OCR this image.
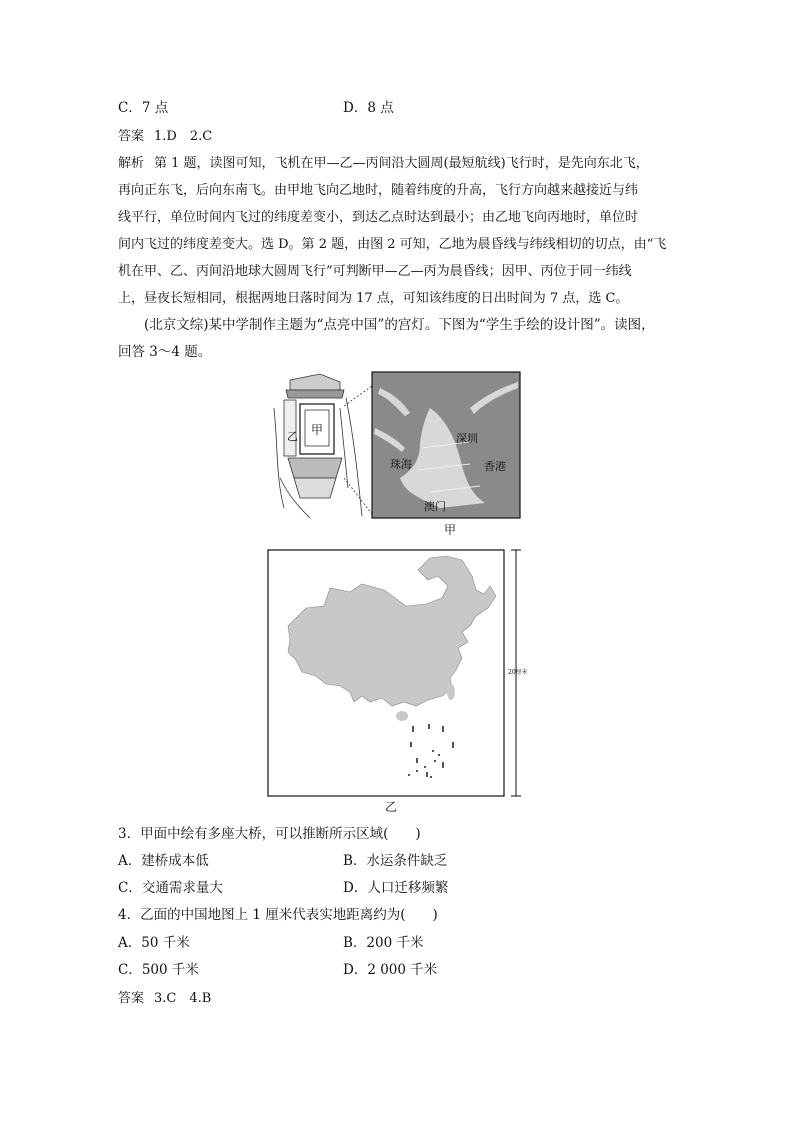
C．7 点	D．8 点
答案 1.D　2.C
解析 第 1 题，读图可知，飞机在甲—乙—丙间沿大圆周(最短航线)飞行时，是先向东北飞，
再向正东飞，后向东南飞。由甲地飞向乙地时，随着纬度的升高，飞行方向越来越接近与纬
线平行，单位时间内飞过的纬度差变小，到达乙点时达到最小；由乙地飞向丙地时，单位时
间内飞过的纬度差变大。选 D。第 2 题，由图 2 可知，乙地为晨昏线与纬线相切的切点，由“飞
机在甲、乙、丙间沿地球大圆周飞行”可判断甲—乙—丙为晨昏线；因甲、丙位于同一纬线
上，昼夜长短相同，根据两地日落时间为 17 点，可知该纬度的日出时间为 7 点，选 C。
(北京文综)某中学制作主题为“点亮中国”的宫灯。下图为“学生手绘的设计图”。读图，
回答 3～4 题。
乙 甲
深圳
珠海	香港
澳门
甲
20厘米
乙
3．甲面中绘有多座大桥，可以推断所示区域(　　)
A．建桥成本低	B．水运条件缺乏
C．交通需求量大	D．人口迁移频繁
4．乙面的中国地图上 1 厘米代表实地距离约为(　　)
A．50 千米	B．200 千米
C．500 千米	D．2 000 千米
答案 3.C　4.B
